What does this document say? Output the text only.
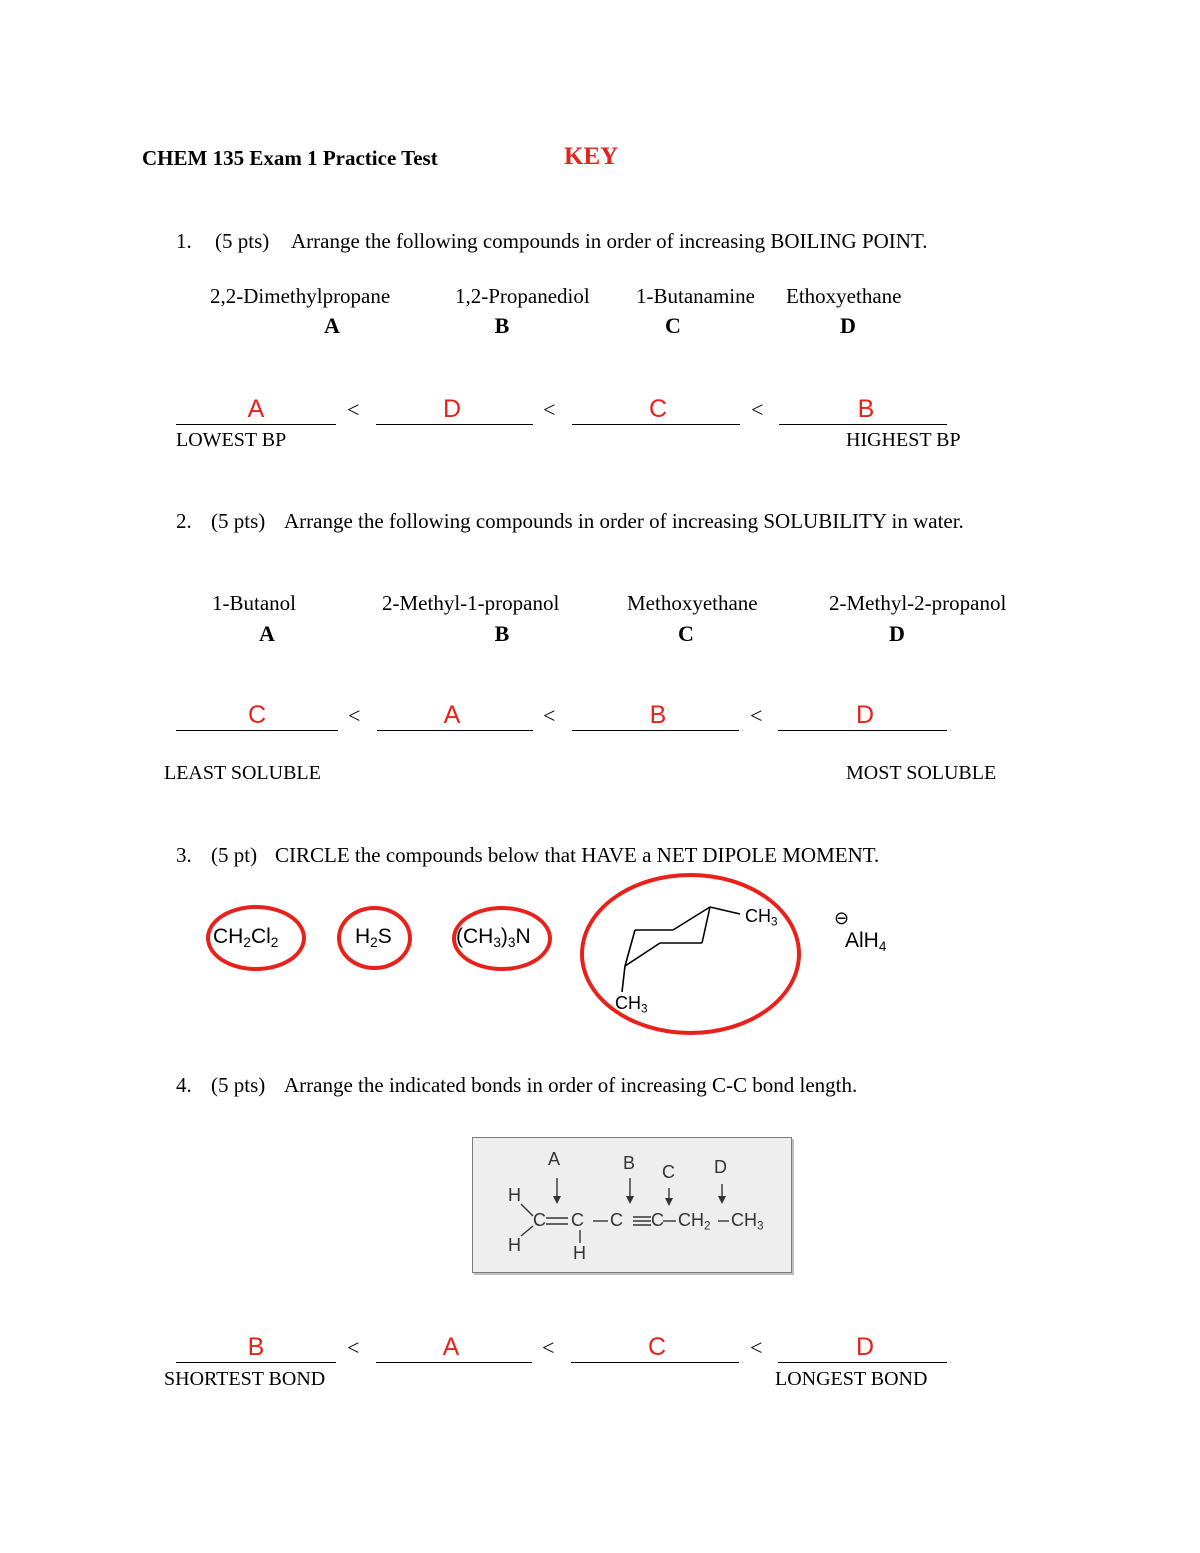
CHEM 135 Exam 1 Practice Test	KEY
1. (5 pts) Arrange the following compounds in order of increasing BOILING POINT.
2,2-Dimethylpropane	1,2-Propanediol 1-Butanamine Ethoxyethane
A	B	C	D
A	D	C	B
<	<	<
LOWEST BP	HIGHEST BP
2. (5 pts) Arrange the following compounds in order of increasing SOLUBILITY in water.
1-Butanol	2-Methyl-1-propanol	Methoxyethane	2-Methyl-2-propanol
A	B	C	D
C	A	B	D
<	<	<
LEAST SOLUBLE	MOST SOLUBLE
3. (5 pt) CIRCLE the compounds below that HAVE a NET DIPOLE MOMENT.
$CH_2Cl_2$	$H_2S$	$(CH_3)_3N$
$CH_3$
$CH_3$
⊖
AlH$_4$
4. (5 pts) Arrange the indicated bonds in order of increasing C-C bond length.
A	B C D
H
H
C C
H
C C $CH_2$ $CH_3$
B	A	C	D
<	<	<
SHORTEST BOND	LONGEST BOND
